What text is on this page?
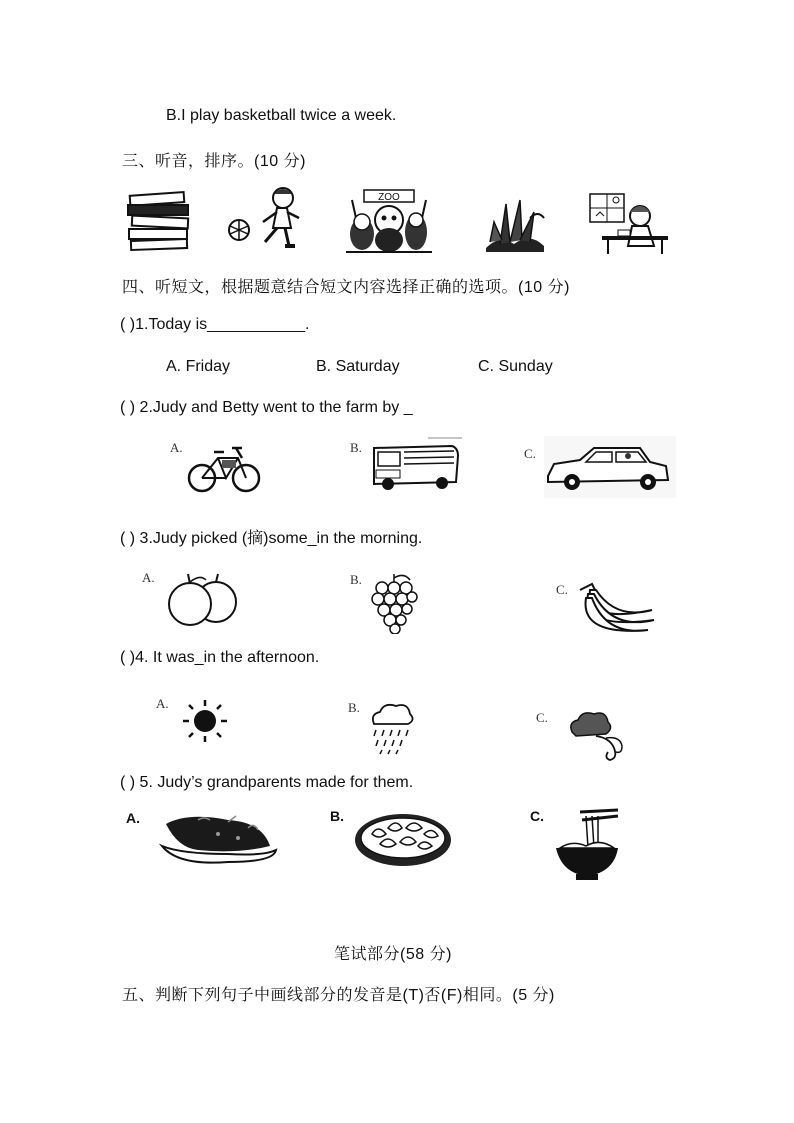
B.I play basketball twice a week.
三、听音，排序。(10 分)
ZOO
四、听短文，根据题意结合短文内容选择正确的选项。(10 分)
( )1.Today is___________.
A. Friday	B. Saturday	C. Sunday
( ) 2.Judy and Betty went to the farm by _
A.	B.	C.
( ) 3.Judy picked (摘)some_in the morning.
A.	B.
C.
( )4. It was_in the afternoon.
A.	B.
C.
( ) 5. Judy’s grandparents made for them.
A.	B.	C.
笔试部分(58 分)
五、判断下列句子中画线部分的发音是(T)否(F)相同。(5 分)
